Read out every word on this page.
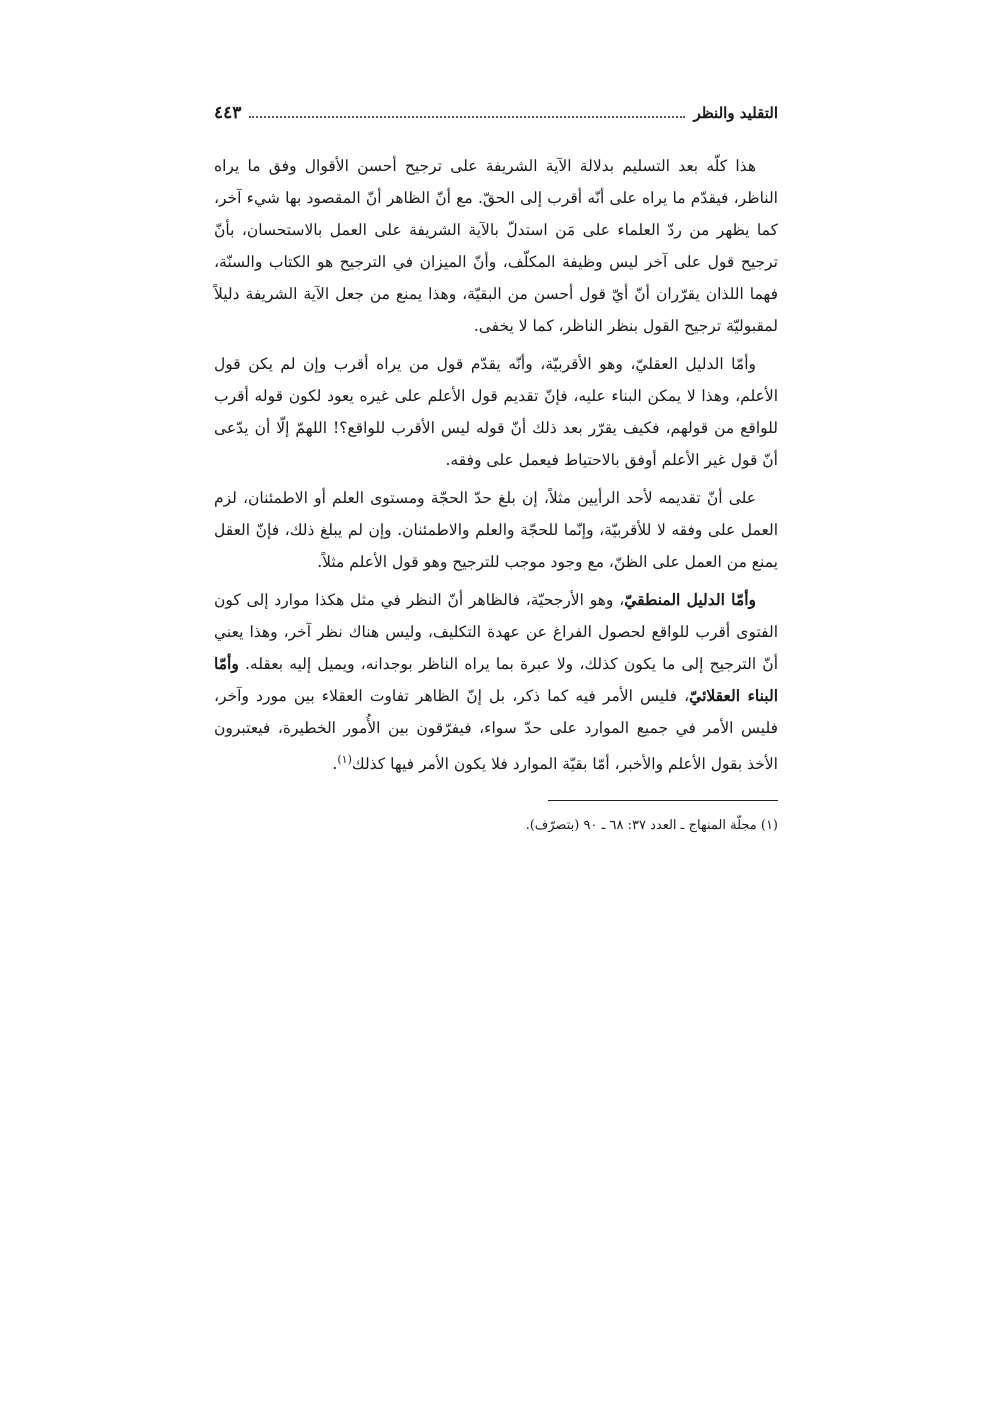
التقليد والنظر
٤٤٣

هذا كلّه بعد التسليم بدلالة الآية الشريفة على ترجيح أحسن الأقوال وفق ما يراه الناظر، فيقدّم ما يراه على أنّه أقرب إلى الحقّ. مع أنّ الظاهر أنّ المقصود بها شيء آخر، كما يظهر من ردّ العلماء على مَن استدلّ بالآية الشريفة على العمل بالاستحسان، بأنّ ترجيح قول على آخر ليس وظيفة المكلّف، وأنّ الميزان في الترجيح هو الكتاب والسنّة، فهما اللذان يقرّران أنّ أيّ قول أحسن من البقيّة، وهذا يمنع من جعل الآية الشريفة دليلاً لمقبوليّة ترجيح القول بنظر الناظر، كما لا يخفى.

وأمّا الدليل العقليّ، وهو الأقربيّة، وأنّه يقدّم قول من يراه أقرب وإن لم يكن قول الأعلم، وهذا لا يمكن البناء عليه، فإنّ تقديم قول الأعلم على غيره يعود لكون قوله أقرب للواقع من قولهم، فكيف يقرّر بعد ذلك أنّ قوله ليس الأقرب للواقع؟! اللهمّ إلّا أن يدّعى أنّ قول غير الأعلم أوفق بالاحتياط فيعمل على وفقه.

على أنّ تقديمه لأحد الرأيين مثلاً، إن بلغ حدّ الحجّة ومستوى العلم أو الاطمئنان، لزم العمل على وفقه لا للأقربيّة، وإنّما للحجّة والعلم والاطمئنان. وإن لم يبلغ ذلك، فإنّ العقل يمنع من العمل على الظنّ، مع وجود موجب للترجيح وهو قول الأعلم مثلاً.

وأمّا الدليل المنطقيّ، وهو الأرجحيّة، فالظاهر أنّ النظر في مثل هكذا موارد إلى كون الفتوى أقرب للواقع لحصول الفراغ عن عهدة التكليف، وليس هناك نظر آخر، وهذا يعني أنّ الترجيح إلى ما يكون كذلك، ولا عبرة بما يراه الناظر بوجدانه، ويميل إليه بعقله. وأمّا البناء العقلائيّ، فليس الأمر فيه كما ذكر، بل إنّ الظاهر تفاوت العقلاء بين مورد وآخر، فليس الأمر في جميع الموارد على حدّ سواء، فيفرّقون بين الأُمور الخطيرة، فيعتبرون الأخذ بقول الأعلم والأخبر، أمّا بقيّة الموارد فلا يكون الأمر فيها كذلك$^{(١)}$.

(١) مجلّة المنهاج ـ العدد ٣٧: ٦٨ ـ ٩٠ (بتصرّف).
